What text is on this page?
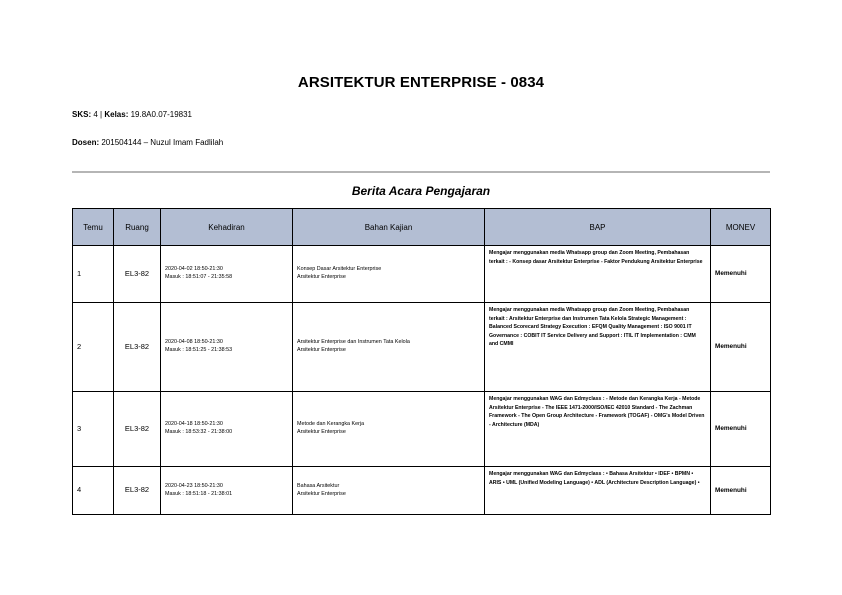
ARSITEKTUR ENTERPRISE - 0834
SKS: 4 | Kelas: 19.8A0.07-19831
Dosen: 201504144 – Nuzul Imam Fadlilah
Berita Acara Pengajaran
Temu	Ruang	Kehadiran	Bahan Kajian	BAP	MONEV
1	EL3-82	2020-04-02 18:50-21:30
Masuk : 18:51:07 - 21:35:58	Konsep Dasar Arsitektur Enterprise
Arsitektur Enterprise	Mengajar menggunakan media Whatsapp group dan Zoom Meeting, Pembahasan terkait : - Konsep dasar Arsitektur Enterprise - Faktor Pendukung Arsitektur Enterprise	Memenuhi
2	EL3-82	2020-04-08 18:50-21:30
Masuk : 18:51:25 - 21:38:53	Arsitektur Enterprise dan Instrumen Tata Kelola
Arsitektur Enterprise	Mengajar menggunakan media Whatsapp group dan Zoom Meeting, Pembahasan terkait : Arsitektur Enterprise dan Instrumen Tata Kelola Strategic Management : Balanced Scorecard Strategy Execution : EFQM Quality Management : ISO 9001 IT Governance : COBIT IT Service Delivery and Support : ITIL IT Implementation : CMM and CMMI	Memenuhi
3	EL3-82	2020-04-18 18:50-21:30
Masuk : 18:53:32 - 21:38:00	Metode dan Kerangka Kerja
Arsitektur Enterprise	Mengajar menggunakan WAG dan Edmyclass : - Metode dan Kerangka Kerja - Metode Arsitektur Enterprise - The IEEE 1471-2000/ISO/IEC 42010 Standard - The Zachman Framework - The Open Group Architecture - Framework (TOGAF) - OMG's Model Driven - Architecture (MDA)	Memenuhi
4	EL3-82	2020-04-23 18:50-21:30
Masuk : 18:51:18 - 21:38:01	Bahasa Arsitektur
Arsitektur Enterprise	Mengajar menggunakan WAG dan Edmyclass : • Bahasa Arsitektur • IDEF • BPMN • ARIS • UML (Unified Modeling Language) • ADL (Architecture Description Language) •	Memenuhi
